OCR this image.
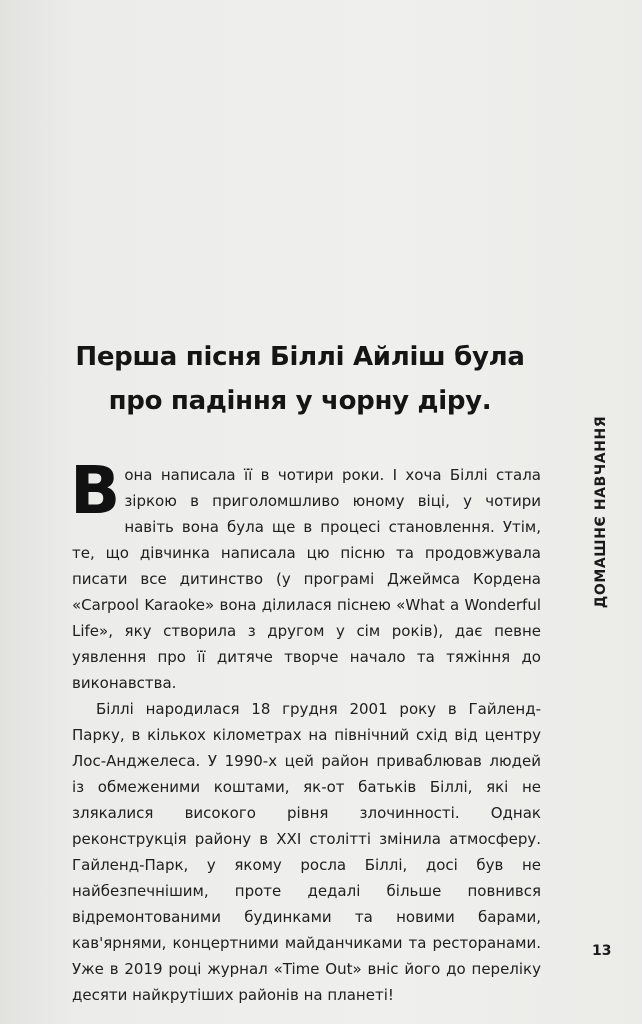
Перша пісня Біллі Айліш була
про падіння у чорну діру.

Вона написала її в чотири роки. І хоча Біллі стала зіркою в приголомшливо юному віці, у чотири навіть вона була ще в процесі становлення. Утім, те, що дівчинка написала цю пісню та продовжувала писати все дитинство (у програмі Джеймса Кордена «Carpool Karaoke» вона ділилася піснею «What a Wonderful Life», яку створила з другом у сім років), дає певне уявлення про її дитяче творче начало та тяжіння до виконавства.

Біллі народилася 18 грудня 2001 року в Гайленд-Парку, в кількох кілометрах на північний схід від центру Лос-Анджелеса. У 1990-х цей район приваблював людей із обмеженими коштами, як-от батьків Біллі, які не злякалися високого рівня злочинності. Однак реконструкція району в XXI столітті змінила атмосферу. Гайленд-Парк, у якому росла Біллі, досі був не найбезпечнішим, проте дедалі більше повнився відремонтованими будинками та новими барами, кав'ярнями, концертними майданчиками та ресторанами. Уже в 2019 році журнал «Time Out» вніс його до переліку десяти найкрутіших районів на планеті!

ДОМАШНЄ НАВЧАННЯ
13
